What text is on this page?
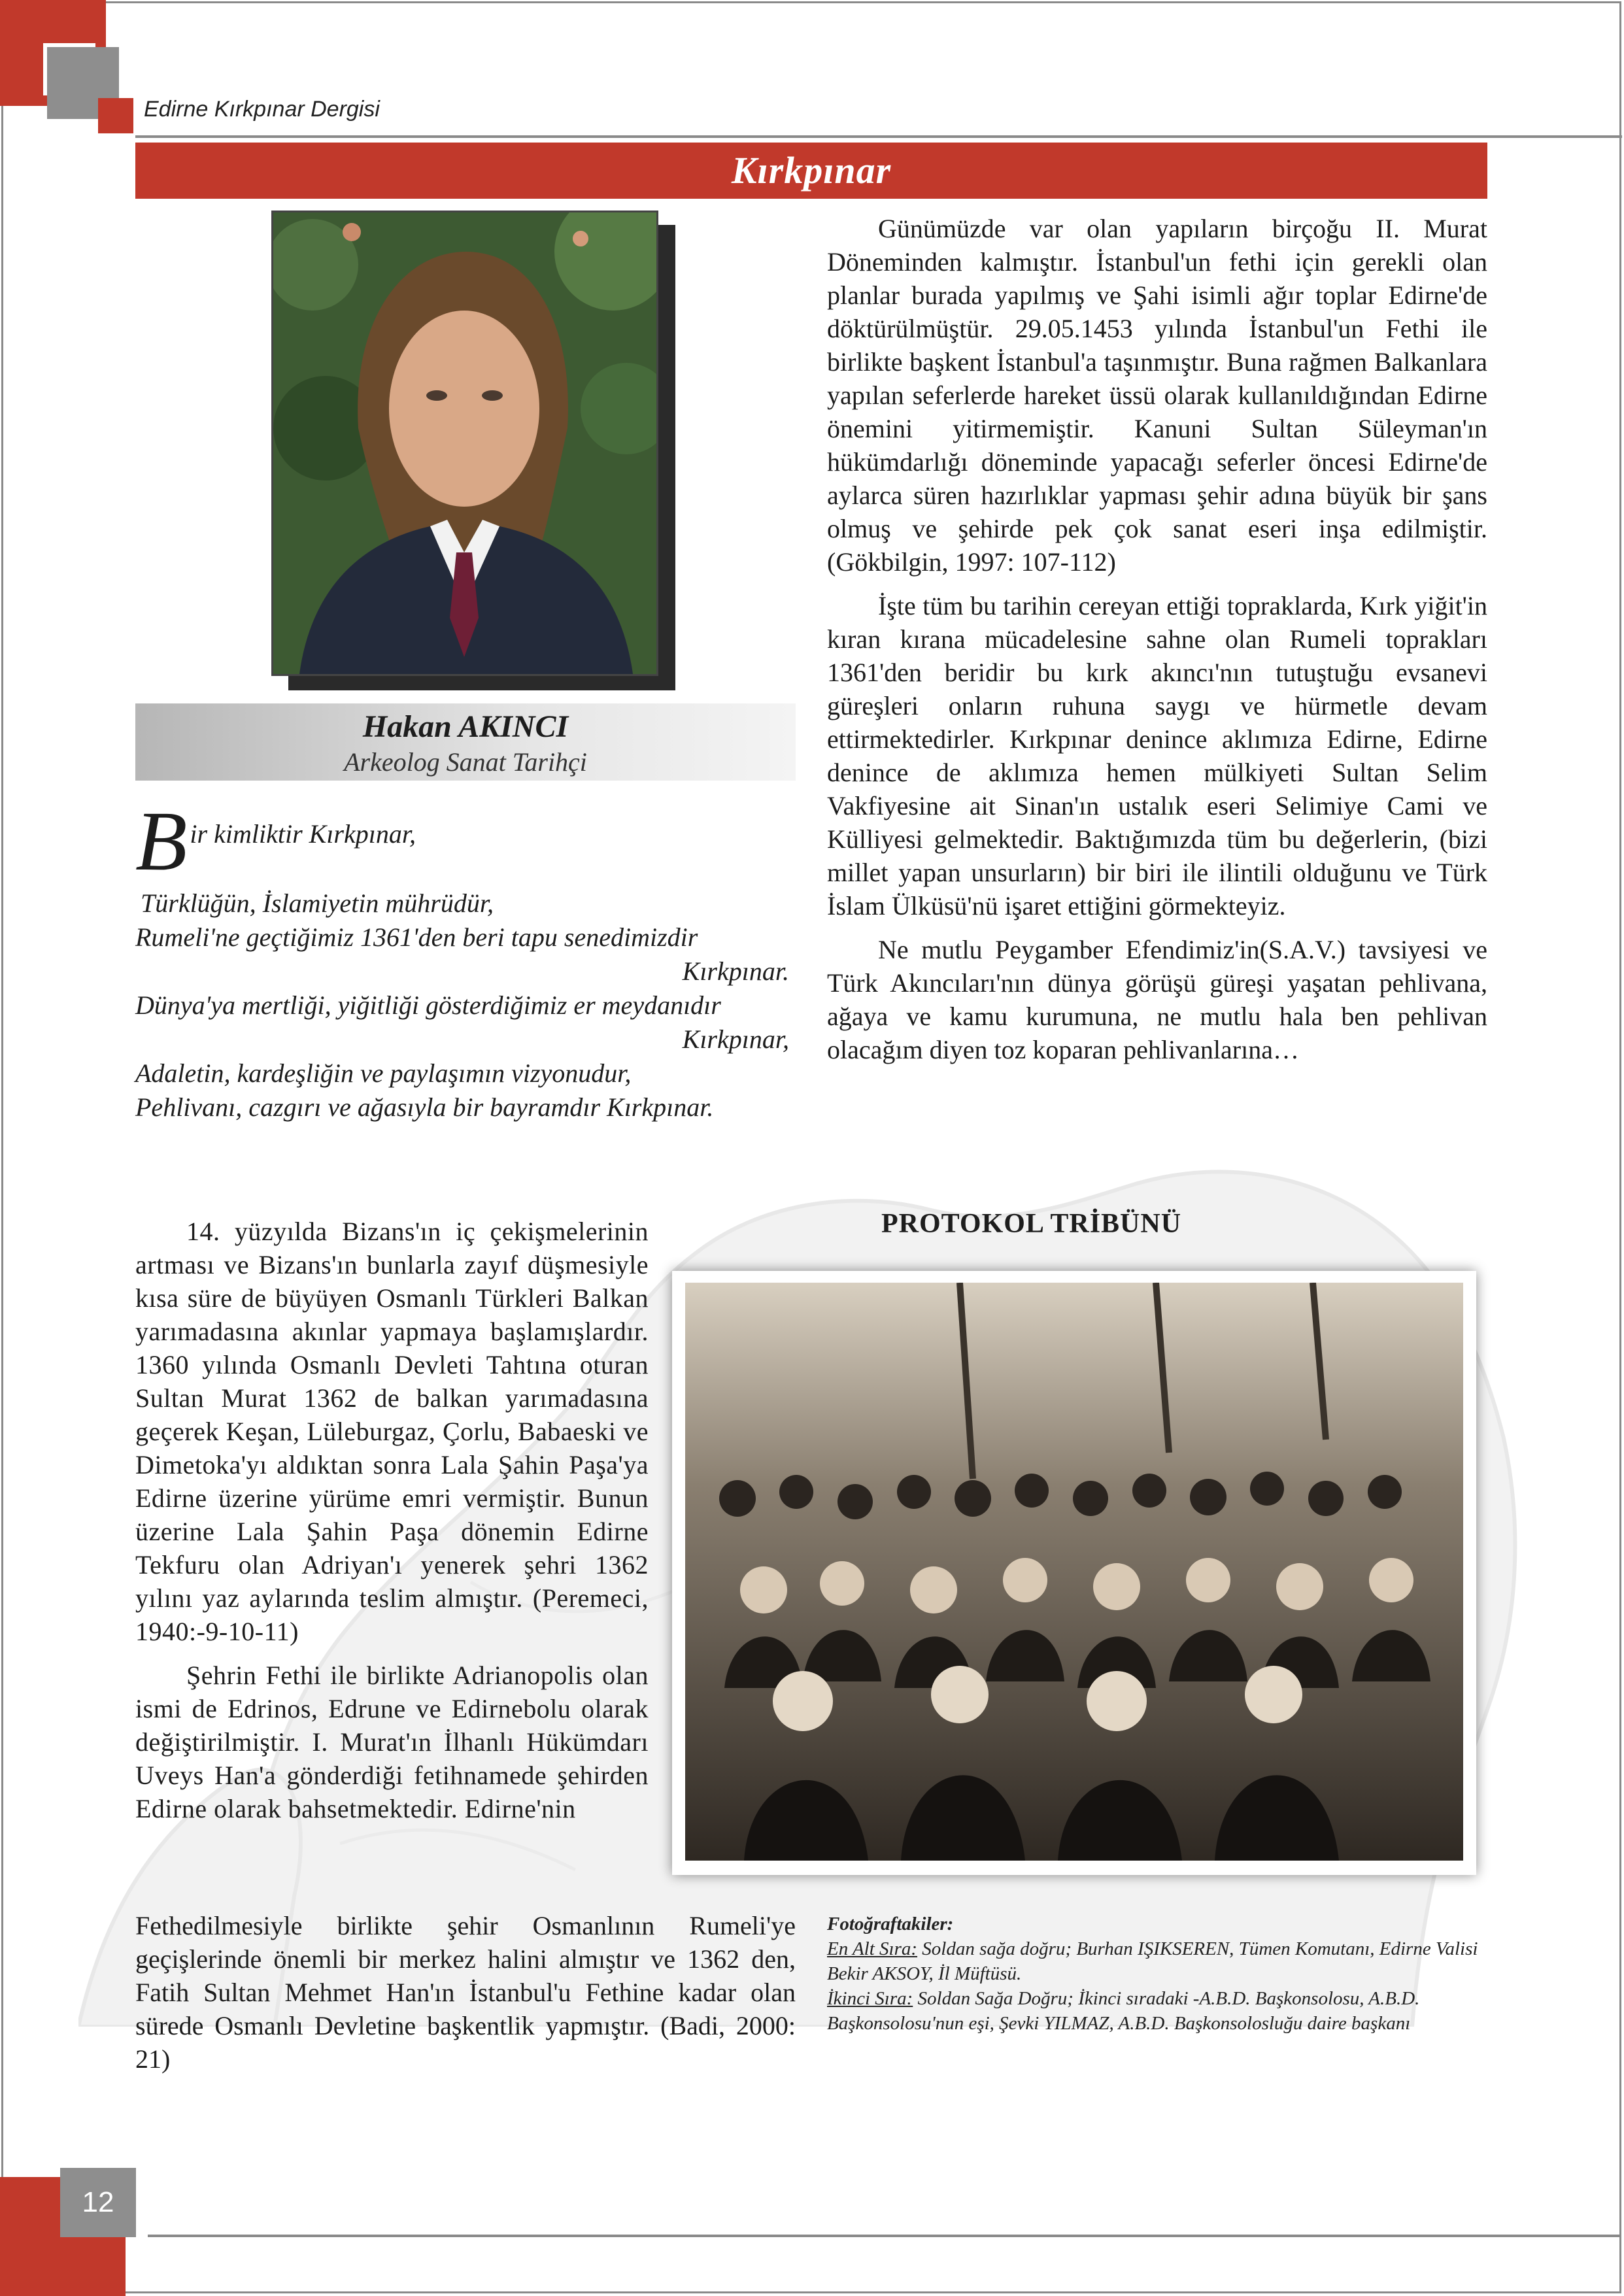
Edirne Kırkpınar Dergisi
Kırkpınar
Hakan AKINCI
Arkeolog Sanat Tarihçi
B ir kimliktir Kırkpınar,
Türklüğün, İslamiyetin mührüdür,
Rumeli'ne geçtiğimiz 1361'den beri tapu senedimizdir
Kırkpınar.
Dünya'ya mertliği, yiğitliği gösterdiğimiz er meydanıdır
Kırkpınar,
Adaletin, kardeşliğin ve paylaşımın vizyonudur,
Pehlivanı, cazgırı ve ağasıyla bir bayramdır Kırkpınar.

Günümüzde var olan yapıların birçoğu II. Murat Döneminden kalmıştır. İstanbul'un fethi için gerekli olan planlar burada yapılmış ve Şahi isimli ağır toplar Edirne'de döktürülmüştür. 29.05.1453 yılında İstanbul'un Fethi ile birlikte başkent İstanbul'a taşınmıştır. Buna rağmen Balkanlara yapılan seferlerde hareket üssü olarak kullanıldığından Edirne önemini yitirmemiştir. Kanuni Sultan Süleyman'ın hükümdarlığı döneminde yapacağı seferler öncesi Edirne'de aylarca süren hazırlıklar yapması şehir adına büyük bir şans olmuş ve şehirde pek çok sanat eseri inşa edilmiştir. (Gökbilgin, 1997: 107-112)

İşte tüm bu tarihin cereyan ettiği topraklarda, Kırk yiğit'in kıran kırana mücadelesine sahne olan Rumeli toprakları 1361'den beridir bu kırk akıncı'nın tutuştuğu evsanevi güreşleri onların ruhuna saygı ve hürmetle devam ettirmektedirler. Kırkpınar denince aklımıza Edirne, Edirne denince de aklımıza hemen mülkiyeti Sultan Selim Vakfiyesine ait Sinan'ın ustalık eseri Selimiye Cami ve Külliyesi gelmektedir. Baktığımızda tüm bu değerlerin, (bizi millet yapan unsurların) bir biri ile ilintili olduğunu ve Türk İslam Ülküsü'nü işaret ettiğini görmekteyiz.

Ne mutlu Peygamber Efendimiz'in(S.A.V.) tavsiyesi ve Türk Akıncıları'nın dünya görüşü güreşi yaşatan pehlivana, ağaya ve kamu kurumuna, ne mutlu hala ben pehlivan olacağım diyen toz koparan pehlivanlarına…

14. yüzyılda Bizans'ın iç çekişmelerinin artması ve Bizans'ın bunlarla zayıf düşmesiyle kısa süre de büyüyen Osmanlı Türkleri Balkan yarımadasına akınlar yapmaya başlamışlardır. 1360 yılında Osmanlı Devleti Tahtına oturan Sultan Murat 1362 de balkan yarımadasına geçerek Keşan, Lüleburgaz, Çorlu, Babaeski ve Dimetoka'yı aldıktan sonra Lala Şahin Paşa'ya Edirne üzerine yürüme emri vermiştir. Bunun üzerine Lala Şahin Paşa dönemin Edirne Tekfuru olan Adriyan'ı yenerek şehri 1362 yılını yaz aylarında teslim almıştır. (Peremeci, 1940:-9-10-11)

Şehrin Fethi ile birlikte Adrianopolis olan ismi de Edrinos, Edrune ve Edirnebolu olarak değiştirilmiştir. I. Murat'ın İlhanlı Hükümdarı Uveys Han'a gönderdiği fetihnamede şehirden Edirne olarak bahsetmektedir. Edirne'nin

Fethedilmesiyle birlikte şehir Osmanlının Rumeli'ye geçişlerinde önemli bir merkez halini almıştır ve 1362 den, Fatih Sultan Mehmet Han'ın İstanbul'u Fethine kadar olan sürede Osmanlı Devletine başkentlik yapmıştır. (Badi, 2000: 21)

PROTOKOL TRİBÜNÜ
Fotoğraftakiler:
En Alt Sıra: Soldan sağa doğru; Burhan IŞIKSEREN, Tümen Komutanı, Edirne Valisi Bekir AKSOY, İl Müftüsü.
İkinci Sıra: Soldan Sağa Doğru; İkinci sıradaki -A.B.D. Başkonsolosu, A.B.D. Başkonsolosu'nun eşi, Şevki YILMAZ, A.B.D. Başkonsolosluğu daire başkanı
12
